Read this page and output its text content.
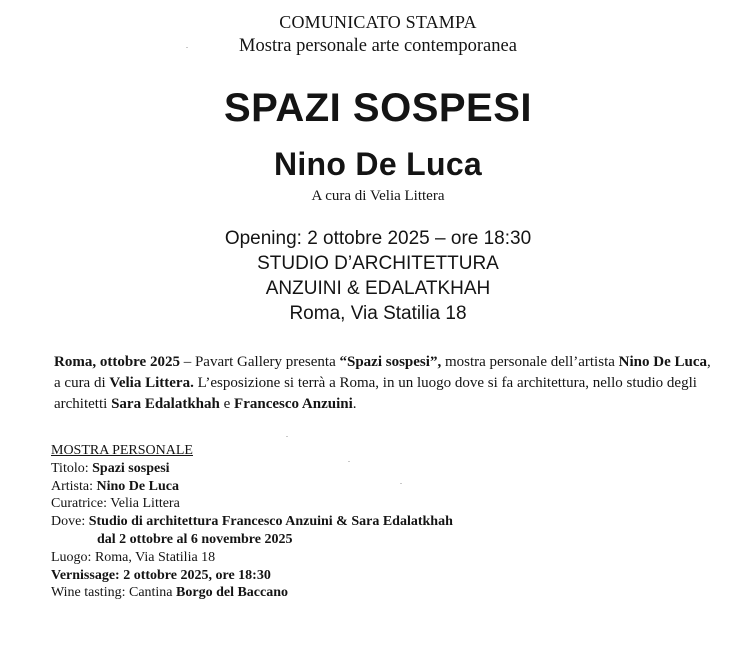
COMUNICATO STAMPA
Mostra personale arte contemporanea
SPAZI SOSPESI
Nino De Luca
A cura di Velia Littera
Opening: 2 ottobre 2025 – ore 18:30
STUDIO D’ARCHITETTURA
ANZUINI & EDALATKHAH
Roma, Via Statilia 18
Roma, ottobre 2025 – Pavart Gallery presenta “Spazi sospesi”, mostra personale dell’artista Nino De Luca, a cura di Velia Littera. L’esposizione si terrà a Roma, in un luogo dove si fa architettura, nello studio degli architetti Sara Edalatkhah e Francesco Anzuini.
MOSTRA PERSONALE
Titolo: Spazi sospesi
Artista: Nino De Luca
Curatrice: Velia Littera
Dove: Studio di architettura Francesco Anzuini & Sara Edalatkhah
dal 2 ottobre al 6 novembre 2025
Luogo: Roma, Via Statilia 18
Vernissage: 2 ottobre 2025, ore 18:30
Wine tasting: Cantina Borgo del Baccano
